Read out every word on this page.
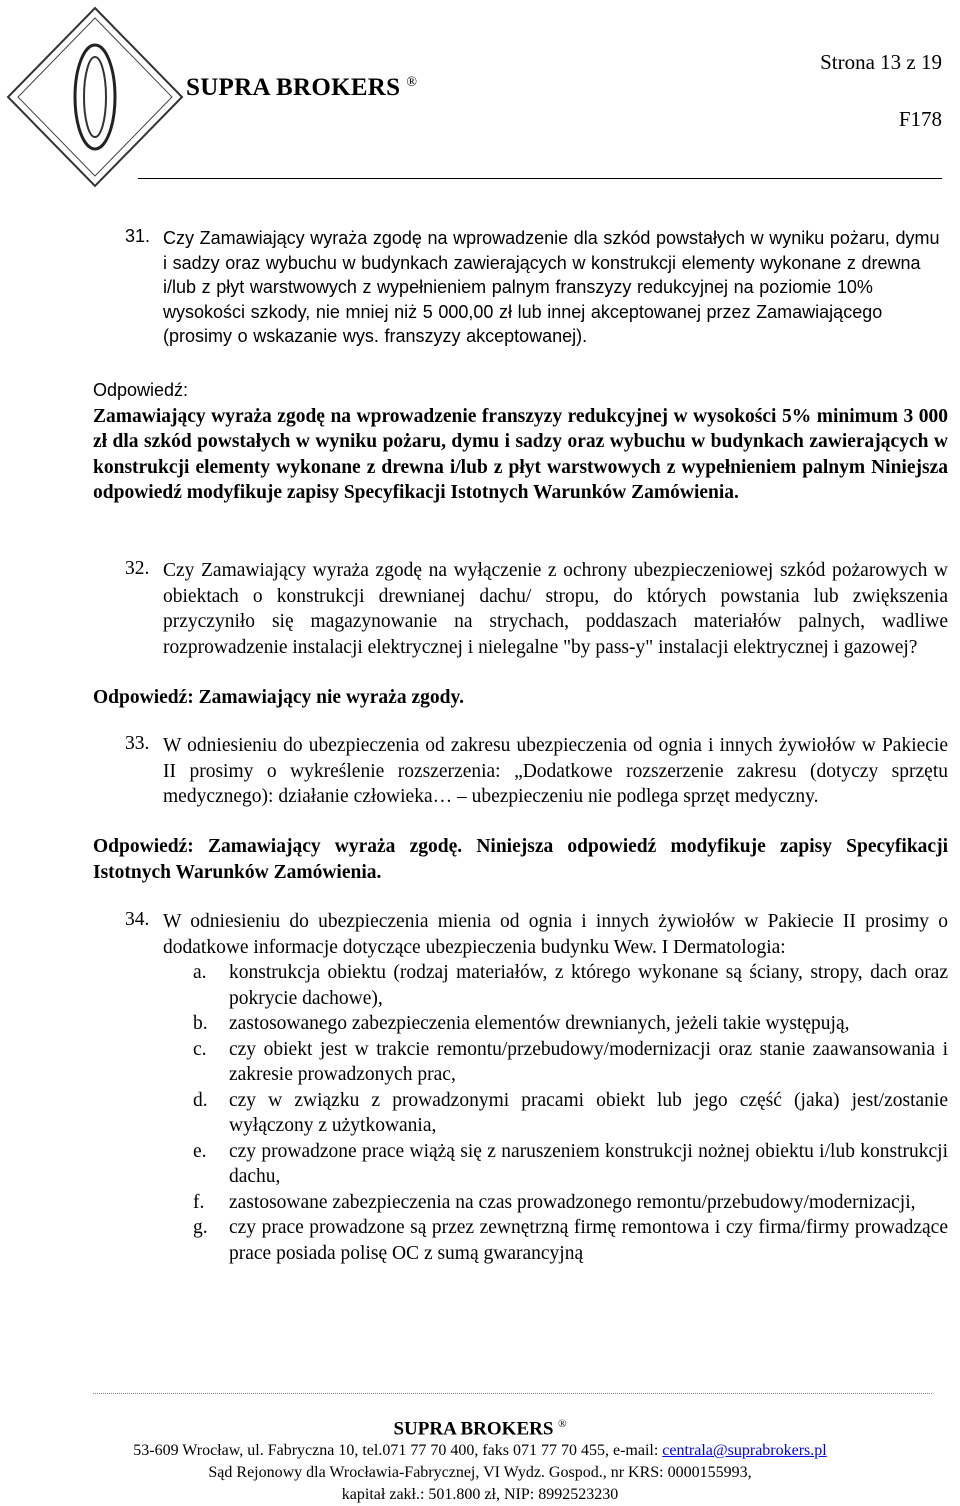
SUPRA BROKERS ®
Strona 13 z 19
F178
31. Czy Zamawiający wyraża zgodę na wprowadzenie dla szkód powstałych w wyniku pożaru, dymu i sadzy oraz wybuchu w budynkach zawierających w konstrukcji elementy wykonane z drewna i/lub z płyt warstwowych z wypełnieniem palnym franszyzy redukcyjnej na poziomie 10% wysokości szkody, nie mniej niż 5 000,00 zł lub innej akceptowanej przez Zamawiającego (prosimy o wskazanie wys. franszyzy akceptowanej).
Odpowiedź:
Zamawiający wyraża zgodę na wprowadzenie franszyzy redukcyjnej w wysokości 5% minimum 3 000 zł dla szkód powstałych w wyniku pożaru, dymu i sadzy oraz wybuchu w budynkach zawierających w konstrukcji elementy wykonane z drewna i/lub z płyt warstwowych z wypełnieniem palnym Niniejsza odpowiedź modyfikuje zapisy Specyfikacji Istotnych Warunków Zamówienia.
32. Czy Zamawiający wyraża zgodę na wyłączenie z ochrony ubezpieczeniowej szkód pożarowych w obiektach o konstrukcji drewnianej dachu/ stropu, do których powstania lub zwiększenia przyczyniło się magazynowanie na strychach, poddaszach materiałów palnych, wadliwe rozprowadzenie instalacji elektrycznej i nielegalne "by pass-y" instalacji elektrycznej i gazowej?
Odpowiedź: Zamawiający nie wyraża zgody.
33. W odniesieniu do ubezpieczenia od zakresu ubezpieczenia od ognia i innych żywiołów w Pakiecie II prosimy o wykreślenie rozszerzenia: „Dodatkowe rozszerzenie zakresu (dotyczy sprzętu medycznego): działanie człowieka… – ubezpieczeniu nie podlega sprzęt medyczny.
Odpowiedź: Zamawiający wyraża zgodę. Niniejsza odpowiedź modyfikuje zapisy Specyfikacji Istotnych Warunków Zamówienia.
34. W odniesieniu do ubezpieczenia mienia od ognia i innych żywiołów w Pakiecie II prosimy o dodatkowe informacje dotyczące ubezpieczenia budynku Wew. I Dermatologia:
a. konstrukcja obiektu (rodzaj materiałów, z którego wykonane są ściany, stropy, dach oraz pokrycie dachowe),
b. zastosowanego zabezpieczenia elementów drewnianych, jeżeli takie występują,
c. czy obiekt jest w trakcie remontu/przebudowy/modernizacji oraz stanie zaawansowania i zakresie prowadzonych prac,
d. czy w związku z prowadzonymi pracami obiekt lub jego część (jaka) jest/zostanie wyłączony z użytkowania,
e. czy prowadzone prace wiążą się z naruszeniem konstrukcji nożnej obiektu i/lub konstrukcji dachu,
f. zastosowane zabezpieczenia na czas prowadzonego remontu/przebudowy/modernizacji,
g. czy prace prowadzone są przez zewnętrzną firmę remontowa i czy firma/firmy prowadzące prace posiada polisę OC z sumą gwarancyjną
SUPRA BROKERS ®
53-609 Wrocław, ul. Fabryczna 10, tel.071 77 70 400, faks 071 77 70 455, e-mail: centrala@suprabrokers.pl
Sąd Rejonowy dla Wrocławia-Fabrycznej, VI Wydz. Gospod., nr KRS: 0000155993,
kapitał zakł.: 501.800 zł, NIP: 8992523230
